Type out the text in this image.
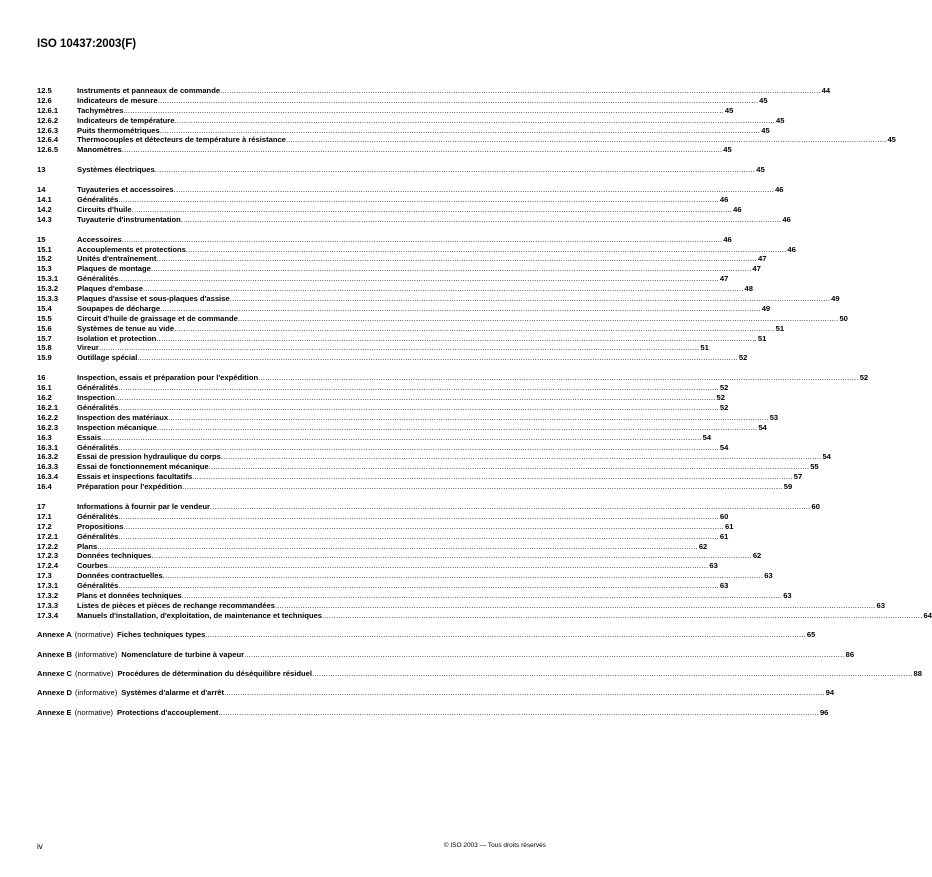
ISO 10437:2003(F)
12.5	Instruments et panneaux de commande .................................................................................................................................................................................................................................................................... 44
12.6	Indicateurs de mesure .................................................................................................................................................................................................................................................................... 45
12.6.1	Tachymètres .................................................................................................................................................................................................................................................................... 45
12.6.2	Indicateurs de température .................................................................................................................................................................................................................................................................... 45
12.6.3	Puits thermométriques .................................................................................................................................................................................................................................................................... 45
12.6.4	Thermocouples et détecteurs de température à résistance .................................................................................................................................................................................................................................................................... 45
12.6.5	Manomètres .................................................................................................................................................................................................................................................................... 45
13	Systèmes électriques .................................................................................................................................................................................................................................................................... 45
14	Tuyauteries et accessoires .................................................................................................................................................................................................................................................................... 46
14.1	Généralités .................................................................................................................................................................................................................................................................... 46
14.2	Circuits d'huile .................................................................................................................................................................................................................................................................... 46
14.3	Tuyauterie d'instrumentation .................................................................................................................................................................................................................................................................... 46
15	Accessoires .................................................................................................................................................................................................................................................................... 46
15.1	Accouplements et protections .................................................................................................................................................................................................................................................................... 46
15.2	Unités d'entraînement .................................................................................................................................................................................................................................................................... 47
15.3	Plaques de montage .................................................................................................................................................................................................................................................................... 47
15.3.1	Généralités .................................................................................................................................................................................................................................................................... 47
15.3.2	Plaques d'embase .................................................................................................................................................................................................................................................................... 48
15.3.3	Plaques d'assise et sous-plaques d'assise .................................................................................................................................................................................................................................................................... 49
15.4	Soupapes de décharge .................................................................................................................................................................................................................................................................... 49
15.5	Circuit d'huile de graissage et de commande .................................................................................................................................................................................................................................................................... 50
15.6	Systèmes de tenue au vide .................................................................................................................................................................................................................................................................... 51
15.7	Isolation et protection .................................................................................................................................................................................................................................................................... 51
15.8	Vireur .................................................................................................................................................................................................................................................................... 51
15.9	Outillage spécial .................................................................................................................................................................................................................................................................... 52
16	Inspection, essais et préparation pour l'expédition .................................................................................................................................................................................................................................................................... 52
16.1	Généralités .................................................................................................................................................................................................................................................................... 52
16.2	Inspection .................................................................................................................................................................................................................................................................... 52
16.2.1	Généralités .................................................................................................................................................................................................................................................................... 52
16.2.2	Inspection des matériaux .................................................................................................................................................................................................................................................................... 53
16.2.3	Inspection mécanique .................................................................................................................................................................................................................................................................... 54
16.3	Essais .................................................................................................................................................................................................................................................................... 54
16.3.1	Généralités .................................................................................................................................................................................................................................................................... 54
16.3.2	Essai de pression hydraulique du corps .................................................................................................................................................................................................................................................................... 54
16.3.3	Essai de fonctionnement mécanique .................................................................................................................................................................................................................................................................... 55
16.3.4	Essais et inspections facultatifs .................................................................................................................................................................................................................................................................... 57
16.4	Préparation pour l'expédition .................................................................................................................................................................................................................................................................... 59
17	Informations à fournir par le vendeur .................................................................................................................................................................................................................................................................... 60
17.1	Généralités .................................................................................................................................................................................................................................................................... 60
17.2	Propositions .................................................................................................................................................................................................................................................................... 61
17.2.1	Généralités .................................................................................................................................................................................................................................................................... 61
17.2.2	Plans .................................................................................................................................................................................................................................................................... 62
17.2.3	Données techniques .................................................................................................................................................................................................................................................................... 62
17.2.4	Courbes .................................................................................................................................................................................................................................................................... 63
17.3	Données contractuelles .................................................................................................................................................................................................................................................................... 63
17.3.1	Généralités .................................................................................................................................................................................................................................................................... 63
17.3.2	Plans et données techniques .................................................................................................................................................................................................................................................................... 63
17.3.3	Listes de pièces et pièces de rechange recommandées .................................................................................................................................................................................................................................................................... 63
17.3.4	Manuels d'installation, d'exploitation, de maintenance et techniques .................................................................................................................................................................................................................................................................... 64
Annexe A (normative) Fiches techniques types .................................................................................................................................................................................................................................................................... 65
Annexe B (informative) Nomenclature de turbine à vapeur .................................................................................................................................................................................................................................................................... 86
Annexe C (normative) Procédures de détermination du déséquilibre résiduel .................................................................................................................................................................................................................................................................... 88
Annexe D (informative) Systèmes d'alarme et d'arrêt .................................................................................................................................................................................................................................................................... 94
Annexe E (normative) Protections d'accouplement .................................................................................................................................................................................................................................................................... 96
iv	© ISO 2003 — Tous droits réservés
